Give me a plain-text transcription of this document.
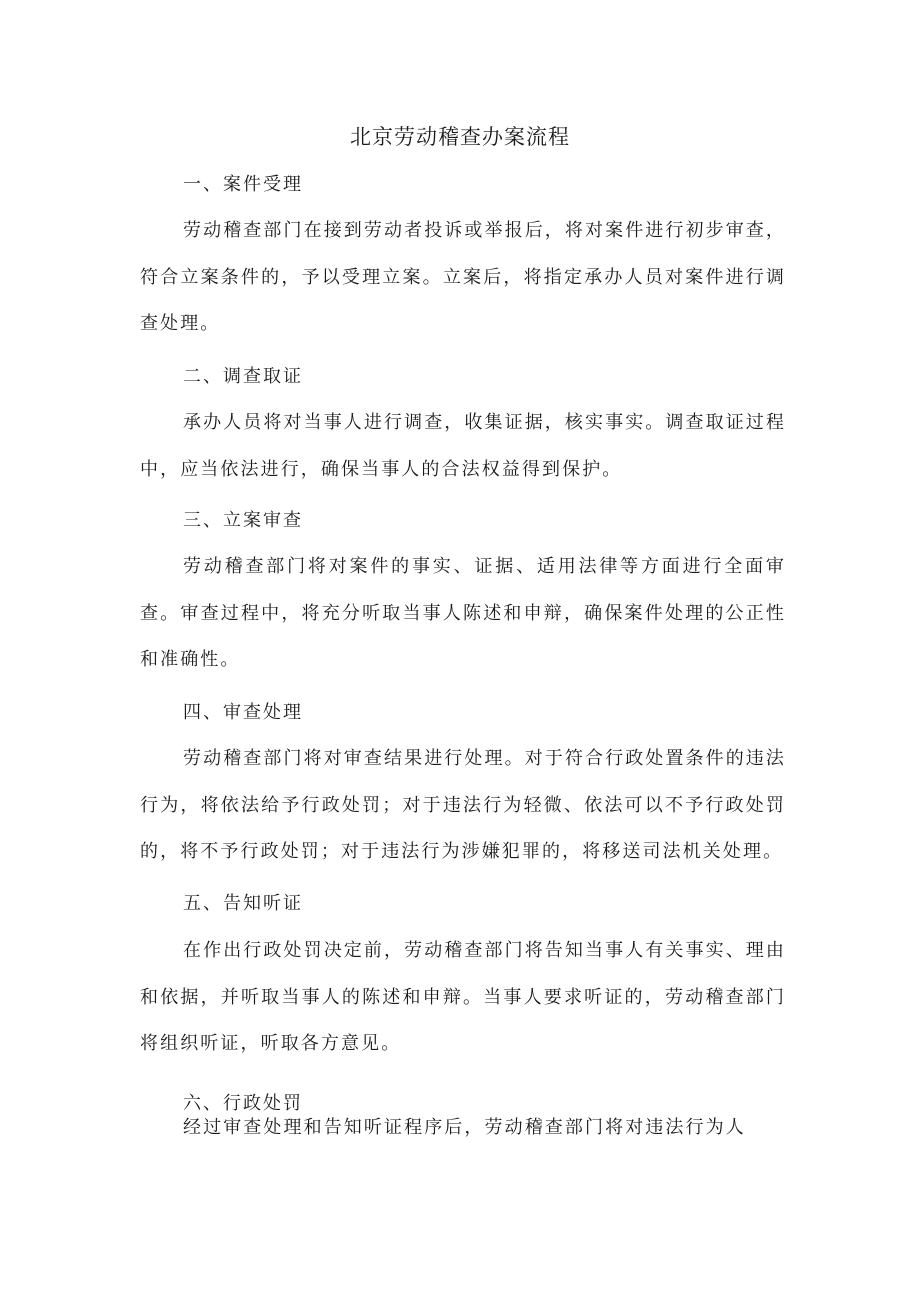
北京劳动稽查办案流程
一、案件受理

劳动稽查部门在接到劳动者投诉或举报后，将对案件进行初步审查，符合立案条件的，予以受理立案。立案后，将指定承办人员对案件进行调查处理。

二、调查取证

承办人员将对当事人进行调查，收集证据，核实事实。调查取证过程中，应当依法进行，确保当事人的合法权益得到保护。

三、立案审查

劳动稽查部门将对案件的事实、证据、适用法律等方面进行全面审查。审查过程中，将充分听取当事人陈述和申辩，确保案件处理的公正性和准确性。

四、审查处理

劳动稽查部门将对审查结果进行处理。对于符合行政处置条件的违法行为，将依法给予行政处罚；对于违法行为轻微、依法可以不予行政处罚的，将不予行政处罚；对于违法行为涉嫌犯罪的，将移送司法机关处理。

五、告知听证

在作出行政处罚决定前，劳动稽查部门将告知当事人有关事实、理由和依据，并听取当事人的陈述和申辩。当事人要求听证的，劳动稽查部门将组织听证，听取各方意见。

六、行政处罚

经过审查处理和告知听证程序后，劳动稽查部门将对违法行为人
